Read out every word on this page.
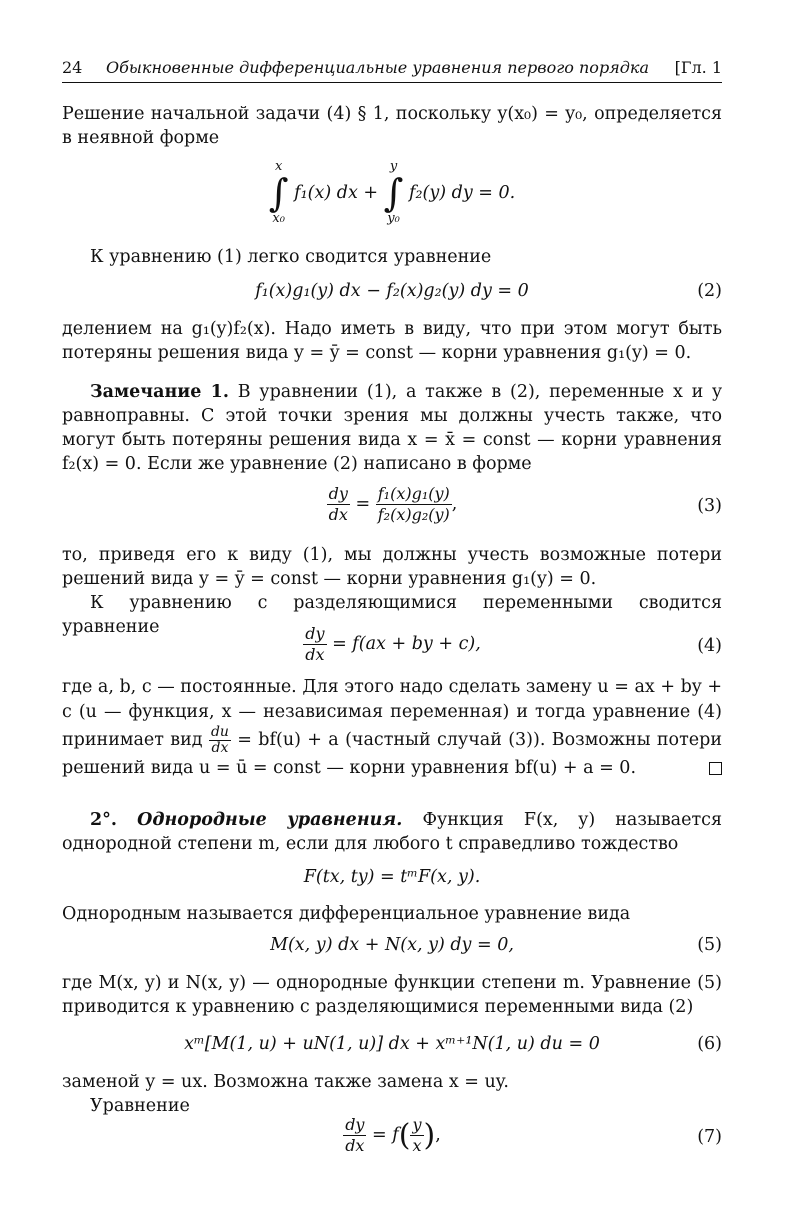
24 Обыкновенные дифференциальные уравнения первого порядка [Гл. 1
Решение начальной задачи (4) § 1, поскольку y(x₀) = y₀, определяется в неявной форме
x
∫
x₀ f₁(x) dx + y
∫
y₀ f₂(y) dy = 0.
К уравнению (1) легко сводится уравнение
f₁(x)g₁(y) dx − f₂(x)g₂(y) dy = 0	(2)
делением на g₁(y)f₂(x). Надо иметь в виду, что при этом могут быть потеряны решения вида y = ȳ = const — корни уравнения g₁(y) = 0.
Замечание 1. В уравнении (1), а также в (2), переменные x и y равноправны. С этой точки зрения мы должны учесть также, что могут быть потеряны решения вида x = x̄ = const — корни уравнения f₂(x) = 0. Если же уравнение (2) написано в форме
$\frac{dy}{dx} = \frac{\text{f₁(x)g₁(y)}}{\text{f₂(x)g₂(y)}}$ ,	(3)
то, приведя его к виду (1), мы должны учесть возможные потери решений вида y = ȳ = const — корни уравнения g₁(y) = 0.
К уравнению с разделяющимися переменными сводится уравнение	$\frac{dy}{dx} = f(ax$ + by + c),	(4)
где a, b, c — постоянные. Для этого надо сделать замену u = ax + by + c (u — функция, x — независимая переменная) и тогда уравнение (4) принимает вид $\frac{du}{dx} = bf(u) + a$ (частный случай (3)). Возможны потери решений вида u = ū = const — корни уравнения bf(u) + a = 0.
2°. Однородные уравнения. Функция F(x, y) называется однородной степени m, если для любого t справедливо тождество
F(tx, ty) = tᵐF(x, y).
Однородным называется дифференциальное уравнение вида
M(x, y) dx + N(x, y) dy = 0,	(5)
где M(x, y) и N(x, y) — однородные функции степени m. Уравнение (5) приводится к уравнению с разделяющимися переменными вида (2)
xᵐ[M(1, u) + uN(1, u)] dx + xᵐ⁺¹N(1, u) du = 0	(6)
заменой y = ux. Возможна также замена x = uy.
Уравнение
$\frac{dy}{dx} = f( \frac{y}{x}$ ),	(7)
